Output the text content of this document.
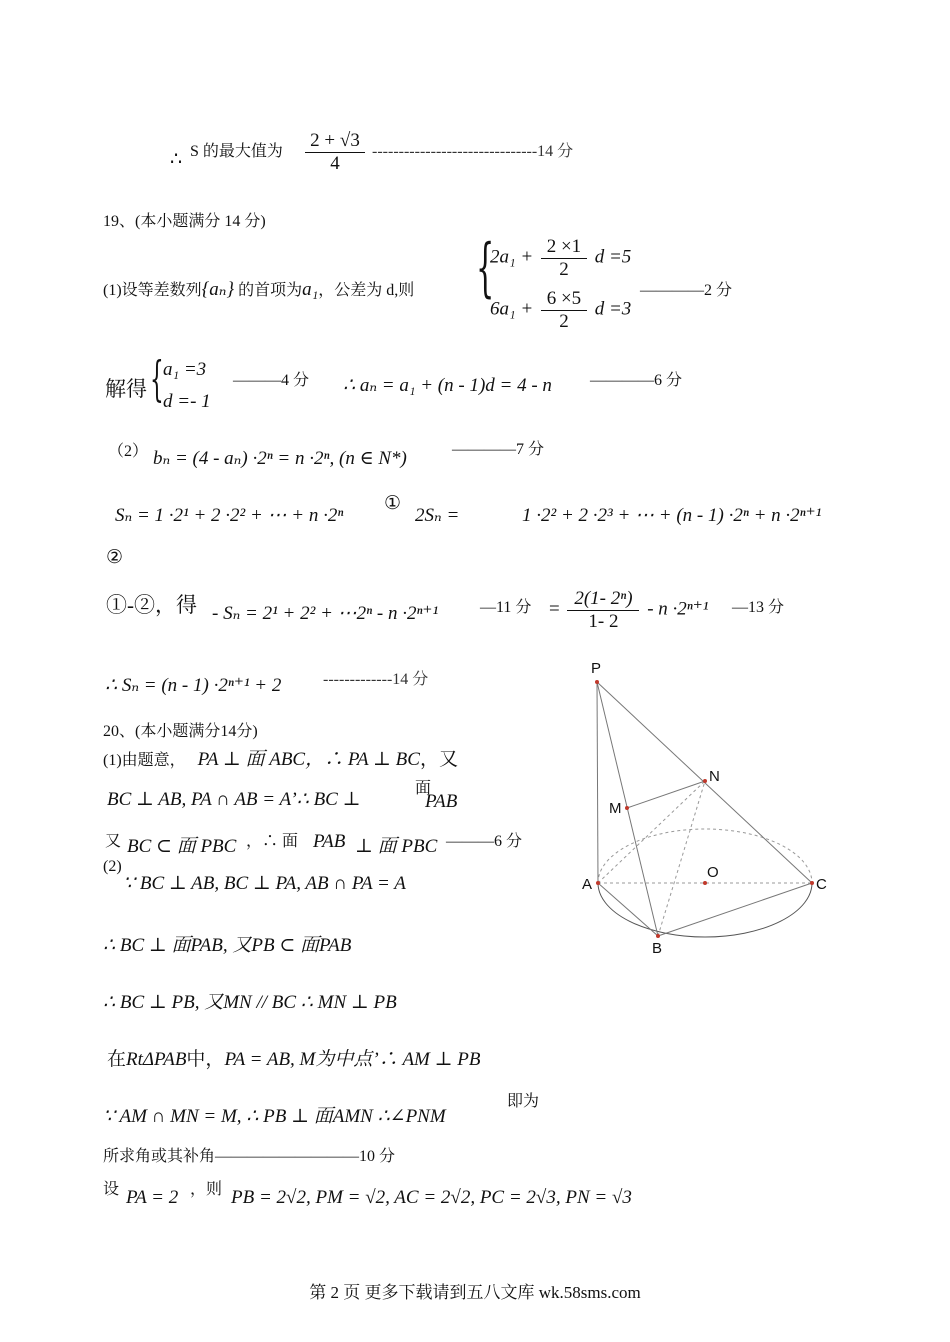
∴ S 的最大值为 $\frac{2 + √3}{4} -------------------------------14$ 分
19、(本小题满分 14 分)
(1)设等差数列{aₙ} 的首项为a₁，公差为 d,则 {
$2a_1 + \frac{2 \times 1}{2}$ d =5
$6a_1 + \frac{6 \times 5}{2}$ d =3
————2 分
解得 { a₁ =3
d =- 1
———4 分 ∴ aₙ = a₁ + (n - 1)d = 4 - n ————6 分
（2） bₙ = (4 - aₙ) ·2ⁿ = n ·2ⁿ, (n ∈ N*)	————7 分
Sₙ = 1 ·2¹ + 2 ·2² + ⋯ + n ·2ⁿ
①
2Sₙ =	1 ·2² + 2 ·2³ + ⋯ + (n - 1) ·2ⁿ + n ·2ⁿ⁺¹
②
①-②，得 - Sₙ = 2¹ + 2² + ⋯2ⁿ - n ·2ⁿ⁺¹	—11 分 = $\frac{\text{2(1- 2ⁿ)}}{1- 2} - n \cdot 2^{n+1}$ —13 分
∴ Sₙ = (n - 1) ·2ⁿ⁺¹ + 2	-------------14 分
20、(本小题满分14分)
(1)由题意， PA ⊥ 面 ABC，∴ PA ⊥ BC，又
BC ⊥ AB, PA ∩ AB = A’∴ BC ⊥
面
PAB
又 BC ⊂ 面 PBC ，∴ 面 PAB ⊥ 面 PBC ———6 分
(2)
∵ BC ⊥ AB, BC ⊥ PA, AB ∩ PA = A
∴ BC ⊥ 面PAB, 又PB ⊂ 面PAB
∴ BC ⊥ PB, 又MN // BC ∴ MN ⊥ PB
在RtΔPAB中，PA = AB, M为中点’∴ AM ⊥ PB
∵ AM ∩ MN = M, ∴ PB ⊥ 面AMN ∴∠PNM
即为
所求角或其补角—————————10 分
设 PA = 2 ，则 PB = 2√2, PM = √2, AC = 2√2, PC = 2√3, PN = √3
P
N
M
O
A	C
B
第 2 页 更多下载请到五八文库 wk.58sms.com
